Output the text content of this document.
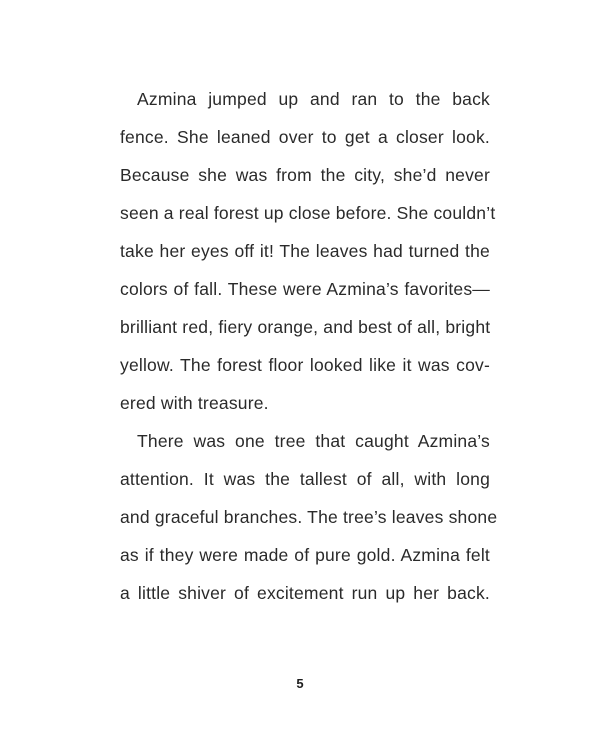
Azmina jumped up and ran to the back
fence. She leaned over to get a closer look.
Because she was from the city, she’d never
seen a real forest up close before. She couldn’t
take her eyes off it! The leaves had turned the
colors of fall. These were Azmina’s favorites—
brilliant red, fiery orange, and best of all, bright
yellow. The forest floor looked like it was cov-
ered with treasure.
There was one tree that caught Azmina’s
attention. It was the tallest of all, with long
and graceful branches. The tree’s leaves shone
as if they were made of pure gold. Azmina felt
a little shiver of excitement run up her back.
5
